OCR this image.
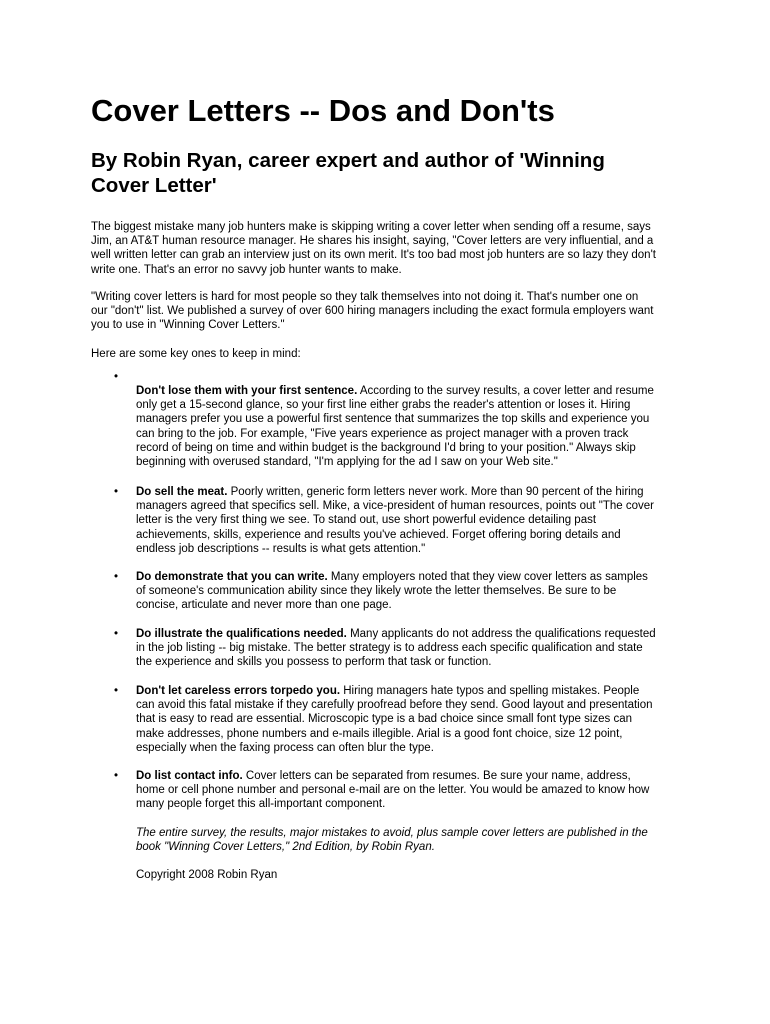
Cover Letters -- Dos and Don'ts
By Robin Ryan, career expert and author of 'Winning
Cover Letter'

The biggest mistake many job hunters make is skipping writing a cover letter when sending off a resume, says
Jim, an AT&T human resource manager. He shares his insight, saying, "Cover letters are very influential, and a
well written letter can grab an interview just on its own merit. It's too bad most job hunters are so lazy they don't
write one. That's an error no savvy job hunter wants to make.

"Writing cover letters is hard for most people so they talk themselves into not doing it. That's number one on
our "don't" list. We published a survey of over 600 hiring managers including the exact formula employers want
you to use in "Winning Cover Letters."

Here are some key ones to keep in mind:

•
Don't lose them with your first sentence. According to the survey results, a cover letter and resume
only get a 15-second glance, so your first line either grabs the reader's attention or loses it. Hiring
managers prefer you use a powerful first sentence that summarizes the top skills and experience you
can bring to the job. For example, "Five years experience as project manager with a proven track
record of being on time and within budget is the background I'd bring to your position." Always skip
beginning with overused standard, "I'm applying for the ad I saw on your Web site."
•	Do sell the meat. Poorly written, generic form letters never work. More than 90 percent of the hiring
managers agreed that specifics sell. Mike, a vice-president of human resources, points out "The cover
letter is the very first thing we see. To stand out, use short powerful evidence detailing past
achievements, skills, experience and results you've achieved. Forget offering boring details and
endless job descriptions -- results is what gets attention."
•	Do demonstrate that you can write. Many employers noted that they view cover letters as samples
of someone's communication ability since they likely wrote the letter themselves. Be sure to be
concise, articulate and never more than one page.
•	Do illustrate the qualifications needed. Many applicants do not address the qualifications requested
in the job listing -- big mistake. The better strategy is to address each specific qualification and state
the experience and skills you possess to perform that task or function.
•	Don't let careless errors torpedo you. Hiring managers hate typos and spelling mistakes. People
can avoid this fatal mistake if they carefully proofread before they send. Good layout and presentation
that is easy to read are essential. Microscopic type is a bad choice since small font type sizes can
make addresses, phone numbers and e-mails illegible. Arial is a good font choice, size 12 point,
especially when the faxing process can often blur the type.
•	Do list contact info. Cover letters can be separated from resumes. Be sure your name, address,
home or cell phone number and personal e-mail are on the letter. You would be amazed to know how
many people forget this all-important component.

The entire survey, the results, major mistakes to avoid, plus sample cover letters are published in the
book "Winning Cover Letters," 2nd Edition, by Robin Ryan.

Copyright 2008 Robin Ryan
